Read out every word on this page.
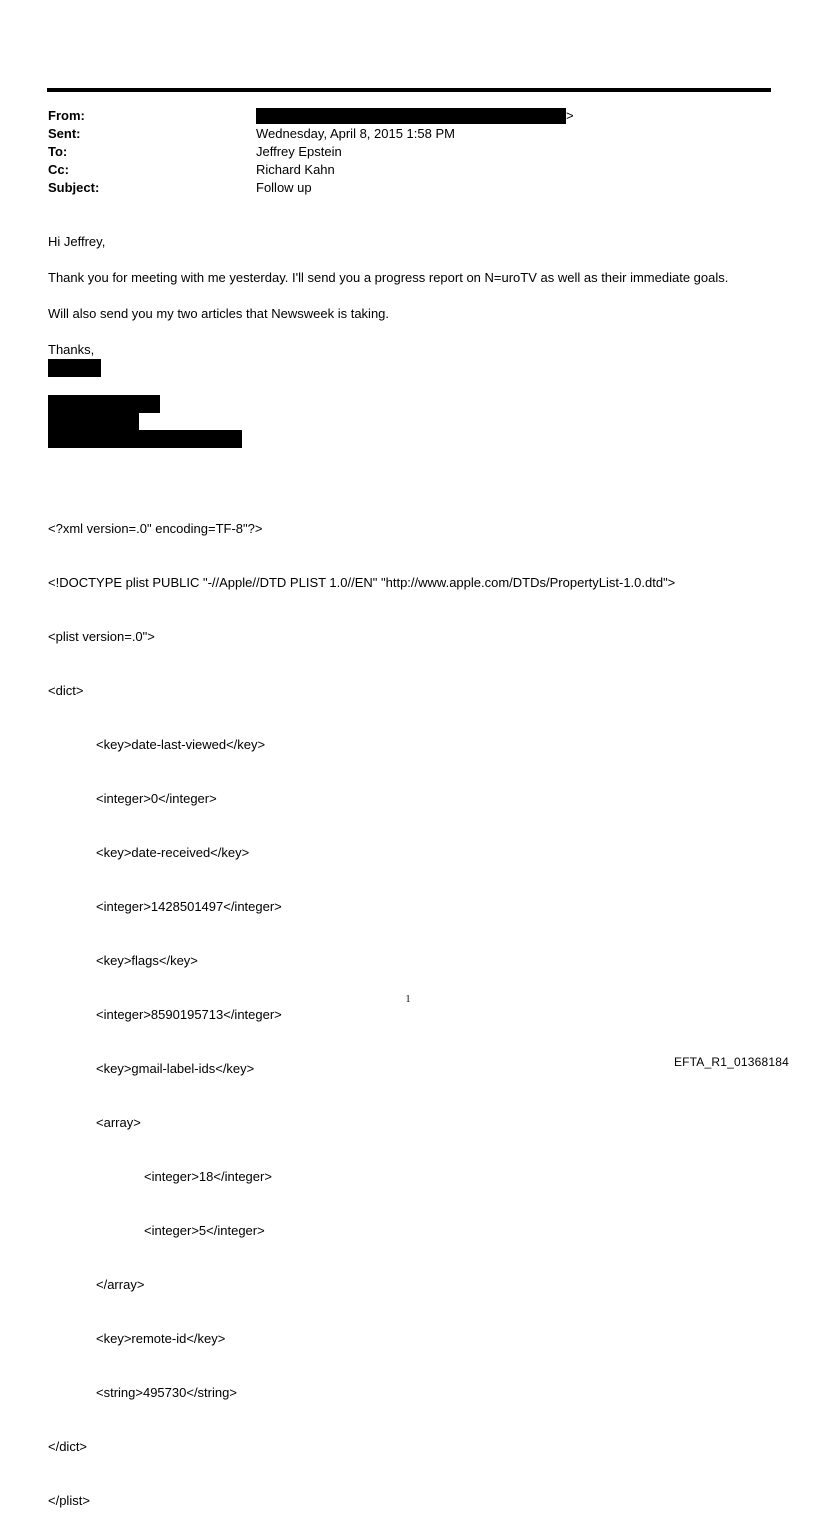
From:	>
Sent:	Wednesday, April 8, 2015 1:58 PM
To:	Jeffrey Epstein
Cc:	Richard Kahn
Subject:	Follow up
Hi Jeffrey,
Thank you for meeting with me yesterday. I'll send you a progress report on N=uroTV as well as their immediate goals.
Will also send you my two articles that Newsweek is taking.
Thanks,

<?xml version=.0" encoding=TF-8"?>

<!DOCTYPE plist PUBLIC "-//Apple//DTD PLIST 1.0//EN" "http://www.apple.com/DTDs/PropertyList-1.0.dtd">

<plist version=.0">

<dict>

<key>date-last-viewed</key>

<integer>0</integer>

<key>date-received</key>

<integer>1428501497</integer>

<key>flags</key>

<integer>8590195713</integer>

<key>gmail-label-ids</key>

<array>

<integer>18</integer>

<integer>5</integer>

</array>

<key>remote-id</key>

<string>495730</string>

</dict>

</plist>

1
EFTA_R1_01368184
